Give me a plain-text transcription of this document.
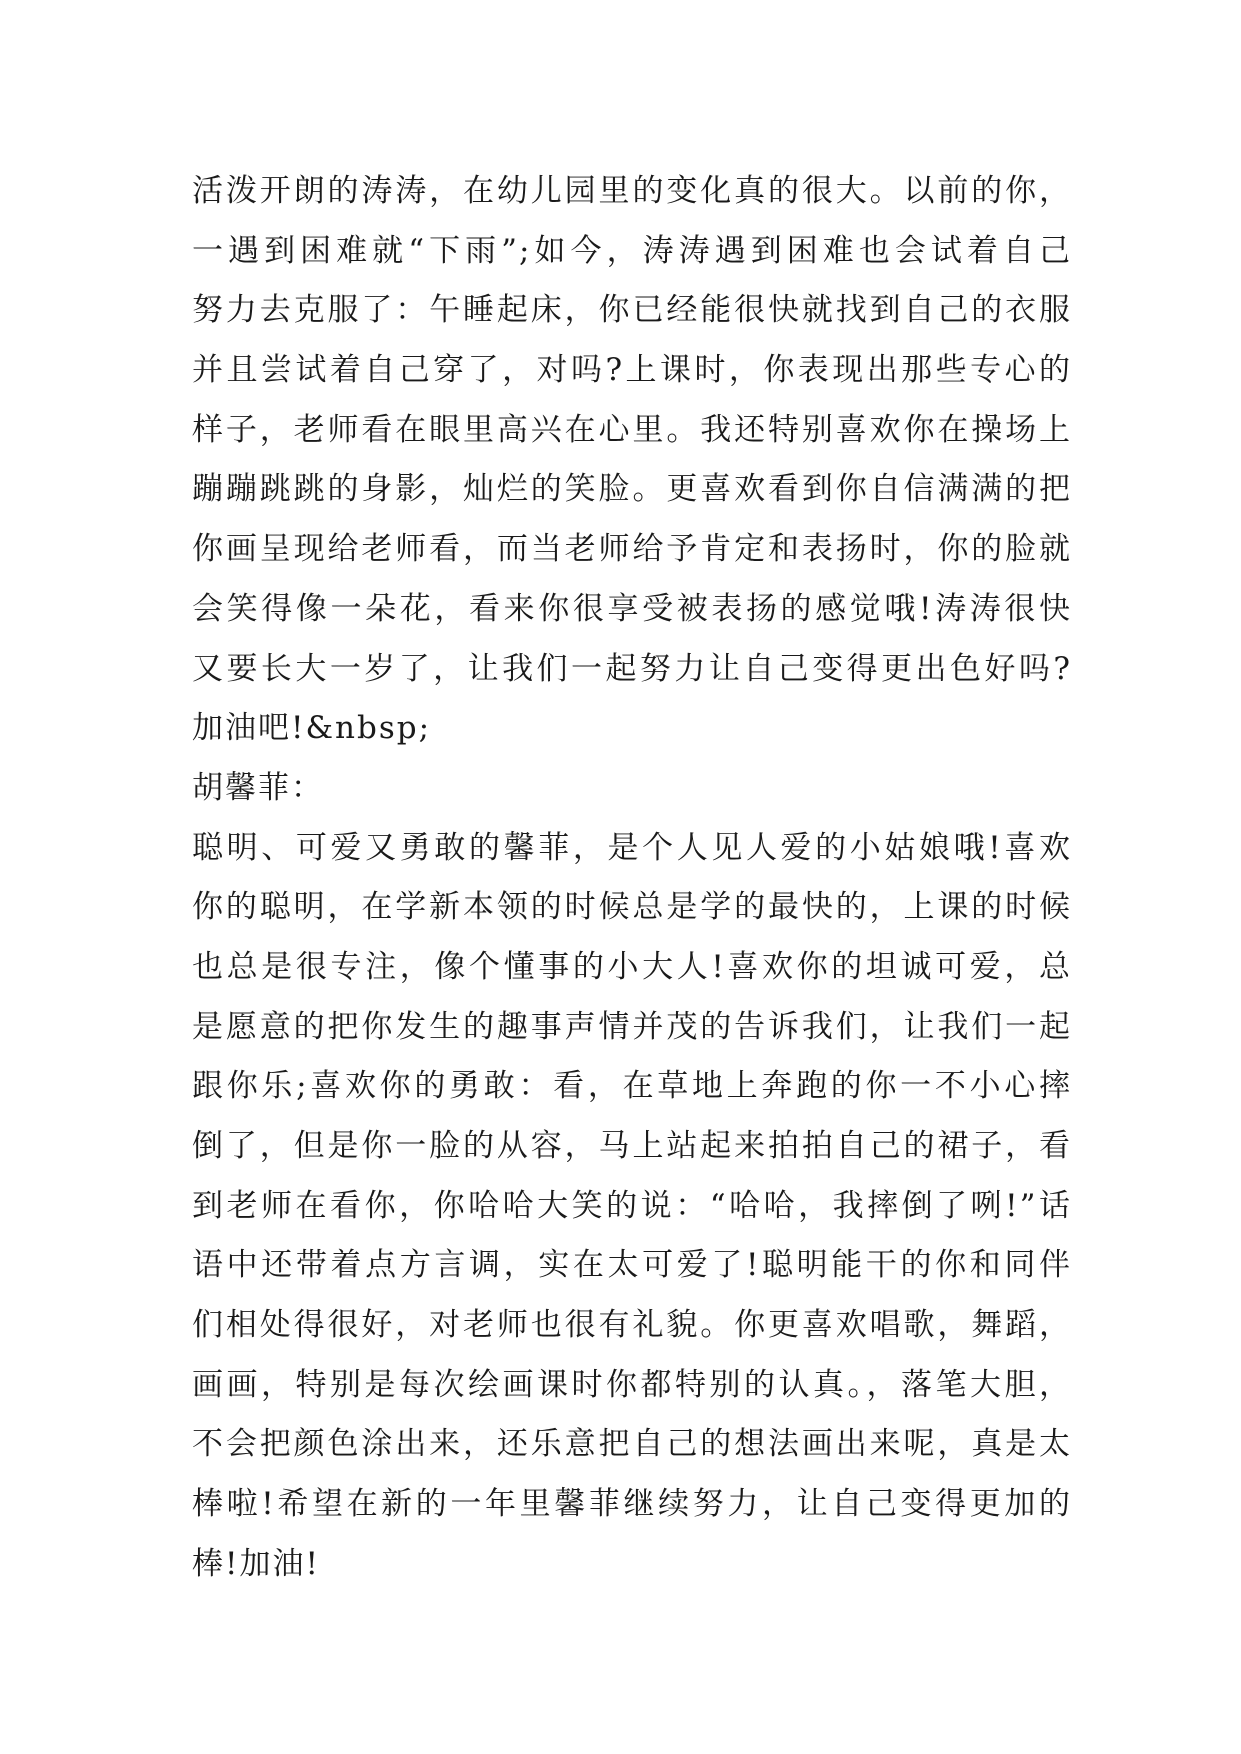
活泼开朗的涛涛，在幼儿园里的变化真的很大。以前的你，
一遇到困难就“下雨”;如今，涛涛遇到困难也会试着自己
努力去克服了：午睡起床，你已经能很快就找到自己的衣服
并且尝试着自己穿了，对吗?上课时，你表现出那些专心的
样子，老师看在眼里高兴在心里。我还特别喜欢你在操场上
蹦蹦跳跳的身影，灿烂的笑脸。更喜欢看到你自信满满的把
你画呈现给老师看，而当老师给予肯定和表扬时，你的脸就
会笑得像一朵花，看来你很享受被表扬的感觉哦!涛涛很快
又要长大一岁了，让我们一起努力让自己变得更出色好吗?
加油吧!&nbsp;
胡馨菲：
聪明、可爱又勇敢的馨菲，是个人见人爱的小姑娘哦!喜欢
你的聪明，在学新本领的时候总是学的最快的，上课的时候
也总是很专注，像个懂事的小大人!喜欢你的坦诚可爱，总
是愿意的把你发生的趣事声情并茂的告诉我们，让我们一起
跟你乐;喜欢你的勇敢：看，在草地上奔跑的你一不小心摔
倒了，但是你一脸的从容，马上站起来拍拍自己的裙子，看
到老师在看你，你哈哈大笑的说：“哈哈，我摔倒了咧!”话
语中还带着点方言调，实在太可爱了!聪明能干的你和同伴
们相处得很好，对老师也很有礼貌。你更喜欢唱歌，舞蹈，
画画，特别是每次绘画课时你都特别的认真。，落笔大胆，
不会把颜色涂出来，还乐意把自己的想法画出来呢，真是太
棒啦!希望在新的一年里馨菲继续努力，让自己变得更加的
棒!加油!
